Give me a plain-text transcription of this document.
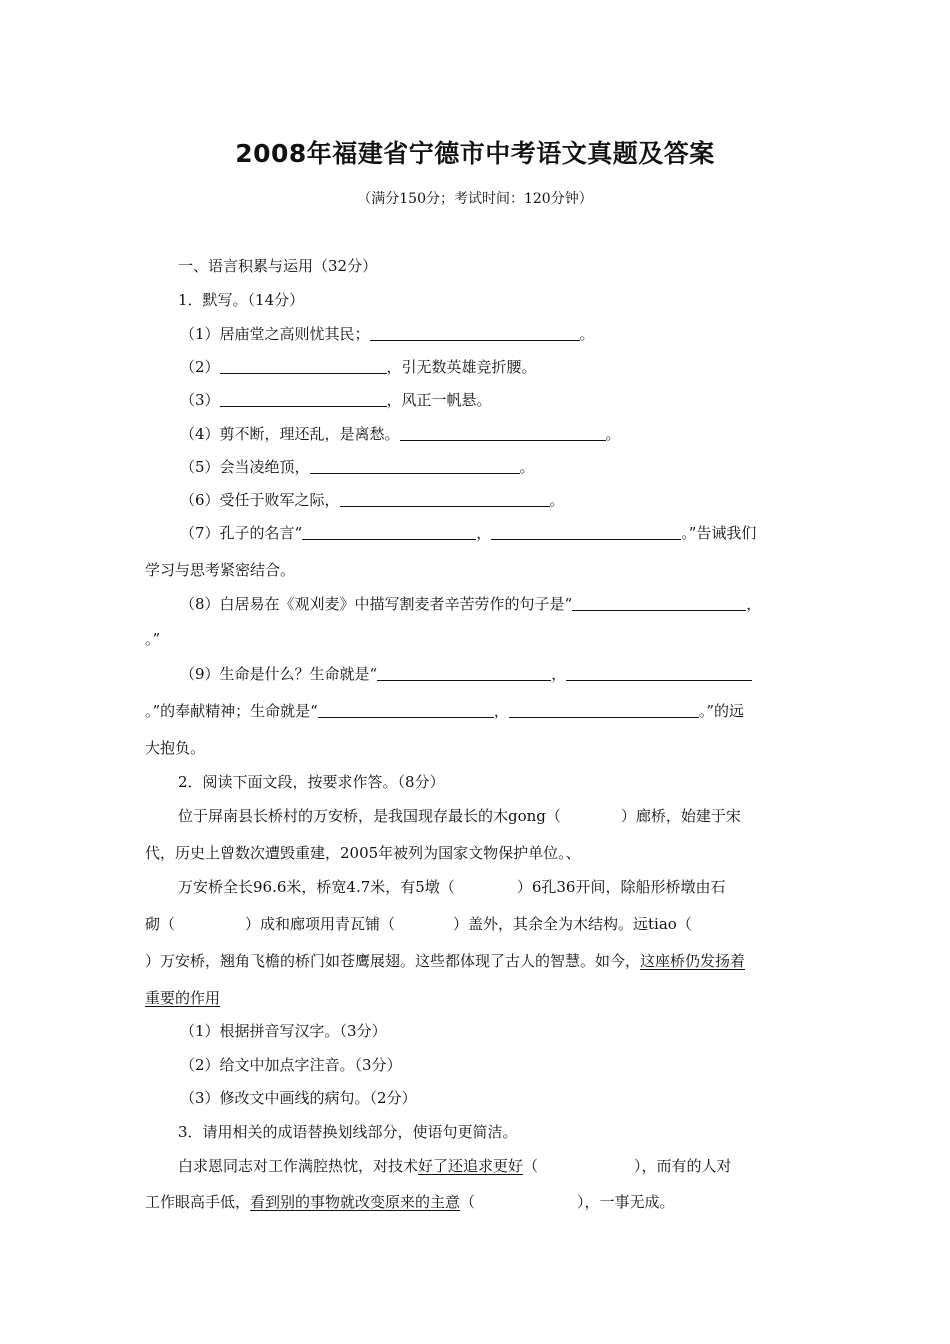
2008年福建省宁德市中考语文真题及答案
（满分150分；考试时间：120分钟）
一、语言积累与运用（32分）
1．默写。（14分）
（1）居庙堂之高则忧其民；	。
（2）	，引无数英雄竞折腰。
（3）	，风正一帆悬。
（4）剪不断，理还乱，是离愁。	。
（5）会当凌绝顶，	。
（6）受任于败军之际，	。
（7）孔子的名言“	，	。”告诫我们
学习与思考紧密结合。
（8）白居易在《观刈麦》中描写割麦者辛苦劳作的句子是“	，
。”
（9）生命是什么？生命就是“	，
。”的奉献精神；生命就是“	，	。”的远
大抱负。
2．阅读下面文段，按要求作答。（8分）
位于屏南县长桥村的万安桥，是我国现存最长的木gong（	）廊桥，始建于宋
代，历史上曾数次遭毁重建，2005年被列为国家文物保护单位。、
万安桥全长96.6米，桥宽4.7米，有5墩（	）6孔36开间，除船形桥墩由石
砌（	）成和廊项用青瓦铺（	）盖外，其余全为木结构。远tiao（
）万安桥，翘角飞檐的桥门如苍鹰展翅。这些都体现了古人的智慧。如今，这座桥仍发扬着
重要的作用
（1）根据拼音写汉字。（3分）
（2）给文中加点字注音。（3分）
（3）修改文中画线的病句。（2分）
3．请用相关的成语替换划线部分，使语句更简洁。
白求恩同志对工作满腔热忱，对技术好了还追求更好（	），而有的人对
工作眼高手低，看到别的事物就改变原来的主意（	），一事无成。
